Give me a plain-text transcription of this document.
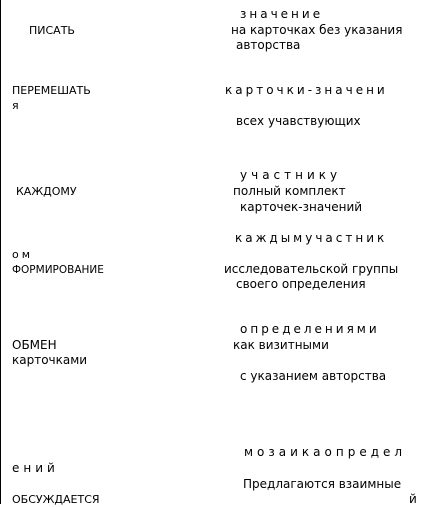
значение
ПИСАТЬ	на карточках без указания
авторства
ПЕРЕМЕШАТЬ	карточки-значени
я
всех учавствующих
участнику
КАЖДОМУ	полный комплект
карточек-значений
каждымучастник
ом
ФОРМИРОВАНИЕ	исследовательской группы
своего определения
определениями
ОБМЕН	как визитными
карточками
с указанием авторства
мозаикаопредел
ений
Предлагаются взаимные
ОБСУЖДАЕТСЯ	й
